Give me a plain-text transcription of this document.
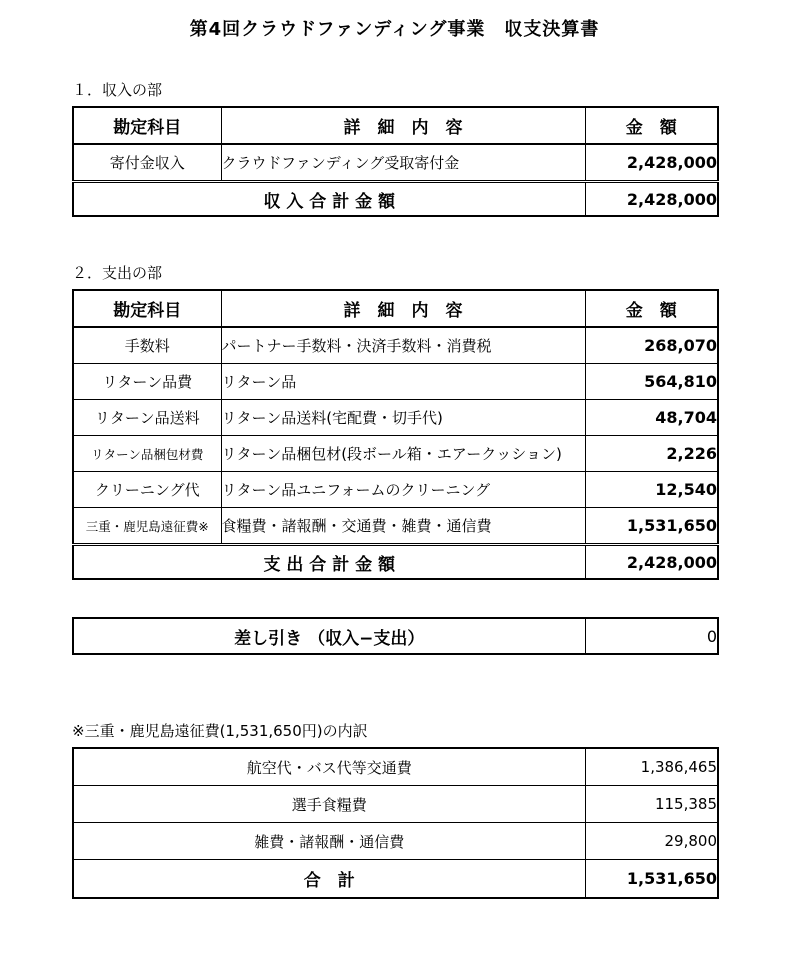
第4回クラウドファンディング事業　収支決算書
１．収入の部
勘定科目	詳　細　内　容	金　額
寄付金収入	クラウドファンディング受取寄付金	2,428,000
収 入 合 計 金 額		2,428,000
２．支出の部
勘定科目	詳　細　内　容	金　額
手数料	パートナー手数料・決済手数料・消費税	268,070
リターン品費	リターン品	564,810
リターン品送料	リターン品送料(宅配費・切手代)	48,704
リターン品梱包材費	リターン品梱包材(段ボール箱・エアークッション)	2,226
クリーニング代	リターン品ユニフォームのクリーニング	12,540
三重・鹿児島遠征費※	食糧費・諸報酬・交通費・雑費・通信費	1,531,650
支 出 合 計 金 額		2,428,000
差し引き （収入−支出）	0
※三重・鹿児島遠征費(1,531,650円)の内訳
航空代・バス代等交通費	1,386,465
選手食糧費	115,385
雑費・諸報酬・通信費	29,800
合　計	1,531,650
